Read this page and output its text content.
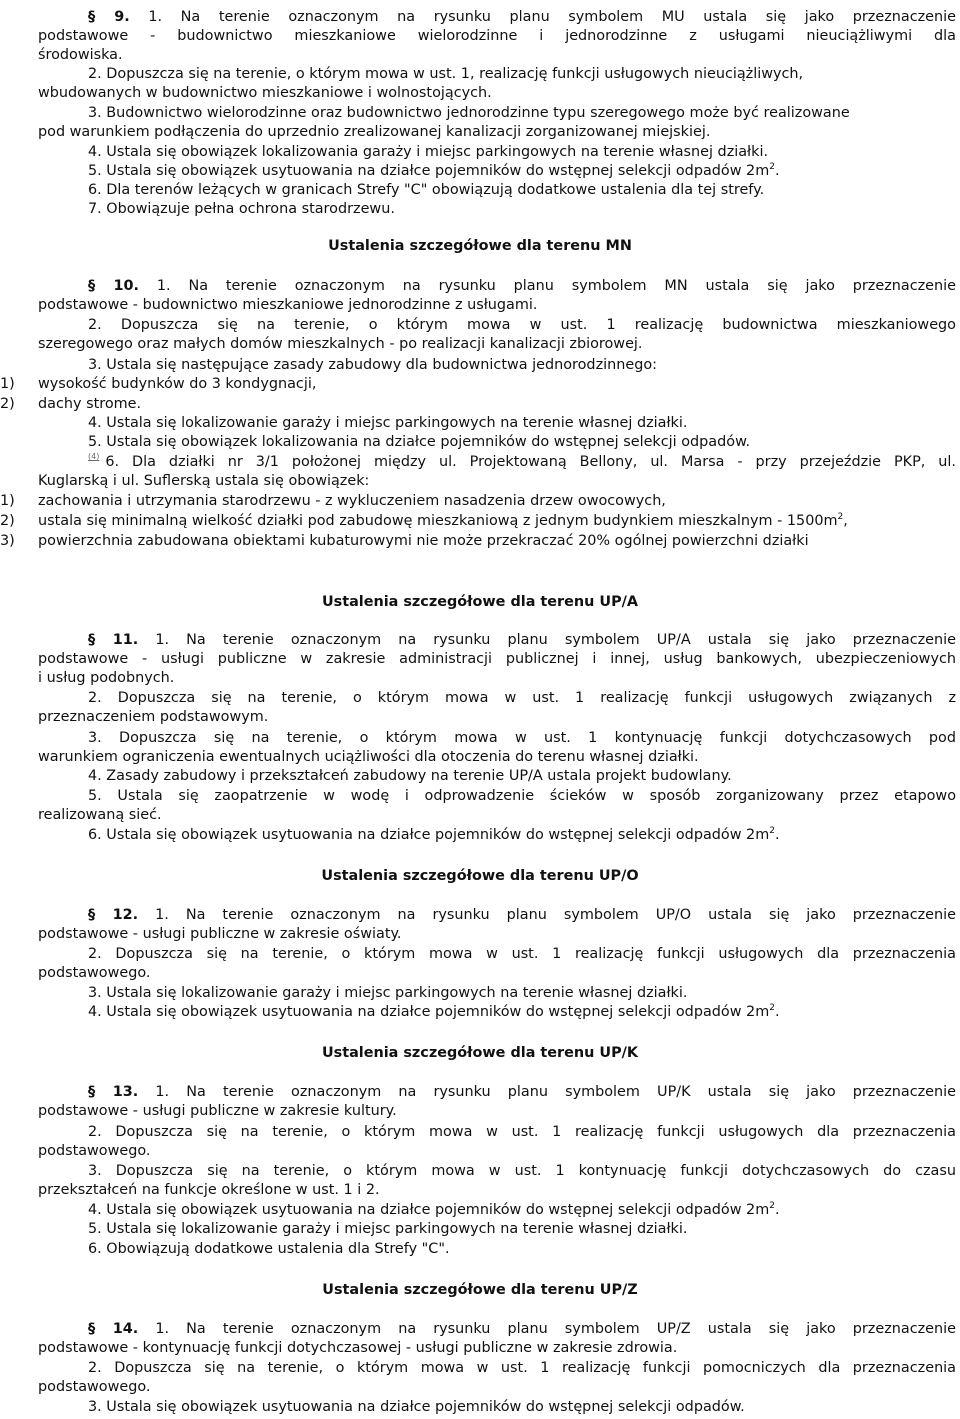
§ 9. 1. Na terenie oznaczonym na rysunku planu symbolem MU ustala się jako przeznaczenie
podstawowe - budownictwo mieszkaniowe wielorodzinne i jednorodzinne z usługami nieuciążliwymi dla
środowiska.
2. Dopuszcza się na terenie, o którym mowa w ust. 1, realizację funkcji usługowych nieuciążliwych,
wbudowanych w budownictwo mieszkaniowe i wolnostojących.
3. Budownictwo wielorodzinne oraz budownictwo jednorodzinne typu szeregowego może być realizowane
pod warunkiem podłączenia do uprzednio zrealizowanej kanalizacji zorganizowanej miejskiej.
4. Ustala się obowiązek lokalizowania garaży i miejsc parkingowych na terenie własnej działki.
5. Ustala się obowiązek usytuowania na działce pojemników do wstępnej selekcji odpadów $2m^2$.
6. Dla terenów leżących w granicach Strefy "C" obowiązują dodatkowe ustalenia dla tej strefy.
7. Obowiązuje pełna ochrona starodrzewu.
§ 10. 1. Na terenie oznaczonym na rysunku planu symbolem MN ustala się jako przeznaczenie
podstawowe - budownictwo mieszkaniowe jednorodzinne z usługami.
2. Dopuszcza się na terenie, o którym mowa w ust. 1 realizację budownictwa mieszkaniowego
szeregowego oraz małych domów mieszkalnych - po realizacji kanalizacji zbiorowej.
3. Ustala się następujące zasady zabudowy dla budownictwa jednorodzinnego:
1) wysokość budynków do 3 kondygnacji,
2) dachy strome.
4. Ustala się lokalizowanie garaży i miejsc parkingowych na terenie własnej działki.
5. Ustala się obowiązek lokalizowania na działce pojemników do wstępnej selekcji odpadów.
$^{(4)}$ 6. Dla działki nr 3/1 położonej między ul. Projektowaną Bellony, ul. Marsa - przy przejeździe PKP, ul.
Kuglarską i ul. Suflerską ustala się obowiązek:
1) zachowania i utrzymania starodrzewu - z wykluczeniem nasadzenia drzew owocowych,
2) ustala się minimalną wielkość działki pod zabudowę mieszkaniową z jednym budynkiem mieszkalnym - $1500m^2$,
3) powierzchnia zabudowana obiektami kubaturowymi nie może przekraczać 20% ogólnej powierzchni działki
§ 11. 1. Na terenie oznaczonym na rysunku planu symbolem UP/A ustala się jako przeznaczenie
podstawowe - usługi publiczne w zakresie administracji publicznej i innej, usług bankowych, ubezpieczeniowych
i usług podobnych.
2. Dopuszcza się na terenie, o którym mowa w ust. 1 realizację funkcji usługowych związanych z
przeznaczeniem podstawowym.
3. Dopuszcza się na terenie, o którym mowa w ust. 1 kontynuację funkcji dotychczasowych pod
warunkiem ograniczenia ewentualnych uciążliwości dla otoczenia do terenu własnej działki.
4. Zasady zabudowy i przekształceń zabudowy na terenie UP/A ustala projekt budowlany.
5. Ustala się zaopatrzenie w wodę i odprowadzenie ścieków w sposób zorganizowany przez etapowo
realizowaną sieć.
6. Ustala się obowiązek usytuowania na działce pojemników do wstępnej selekcji odpadów $2m^2$.
§ 12. 1. Na terenie oznaczonym na rysunku planu symbolem UP/O ustala się jako przeznaczenie
podstawowe - usługi publiczne w zakresie oświaty.
2. Dopuszcza się na terenie, o którym mowa w ust. 1 realizację funkcji usługowych dla przeznaczenia
podstawowego.
3. Ustala się lokalizowanie garaży i miejsc parkingowych na terenie własnej działki.
4. Ustala się obowiązek usytuowania na działce pojemników do wstępnej selekcji odpadów $2m^2$.
§ 13. 1. Na terenie oznaczonym na rysunku planu symbolem UP/K ustala się jako przeznaczenie
podstawowe - usługi publiczne w zakresie kultury.
2. Dopuszcza się na terenie, o którym mowa w ust. 1 realizację funkcji usługowych dla przeznaczenia
podstawowego.
3. Dopuszcza się na terenie, o którym mowa w ust. 1 kontynuację funkcji dotychczasowych do czasu
przekształceń na funkcje określone w ust. 1 i 2.
4. Ustala się obowiązek usytuowania na działce pojemników do wstępnej selekcji odpadów $2m^2$.
5. Ustala się lokalizowanie garaży i miejsc parkingowych na terenie własnej działki.
6. Obowiązują dodatkowe ustalenia dla Strefy "C".
§ 14. 1. Na terenie oznaczonym na rysunku planu symbolem UP/Z ustala się jako przeznaczenie
podstawowe - kontynuację funkcji dotychczasowej - usługi publiczne w zakresie zdrowia.
2. Dopuszcza się na terenie, o którym mowa w ust. 1 realizację funkcji pomocniczych dla przeznaczenia
podstawowego.
3. Ustala się obowiązek usytuowania na działce pojemników do wstępnej selekcji odpadów.
Ustalenia szczegółowe dla terenu MN
Ustalenia szczegółowe dla terenu UP/A
Ustalenia szczegółowe dla terenu UP/O
Ustalenia szczegółowe dla terenu UP/K
Ustalenia szczegółowe dla terenu UP/Z
